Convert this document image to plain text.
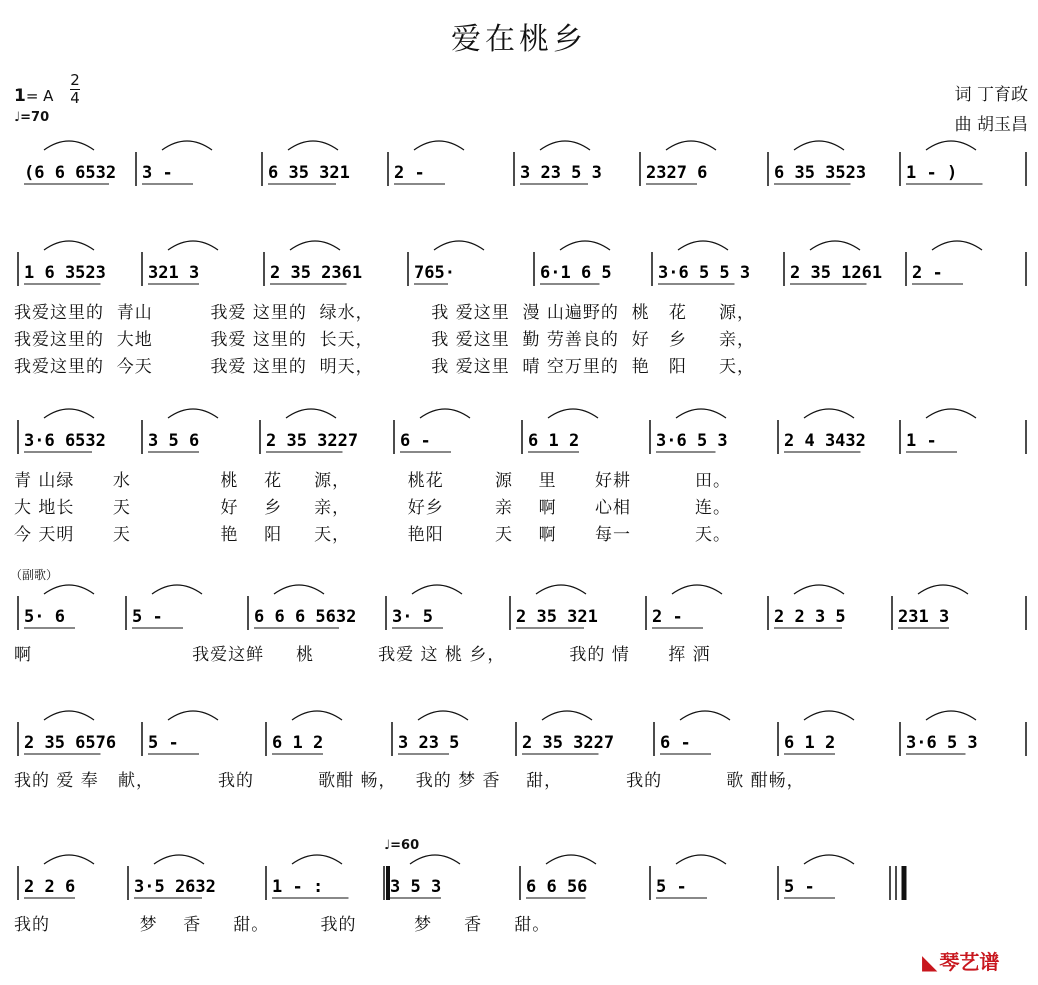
爱在桃乡
1= A
2
4
♩=70
词 丁育政
曲 胡玉昌
（副歌）
♩=60
(6 6 6532 3 -	6 35 321	2 -	3 23 5 3	2327 6	6 35 3523 1 - )
1 6 3523 321 3	2 35 2361	765·	6·1 6 5	3·6 5 5 3 2 35 1261 2 -
3·6 6532 3 5 6	2 35 3227 6 -	6 1 2	3·6 5 3	2 4 3432 1 -
5· 6	5 -	6 6 6 5632 3· 5	2 35 321	2 -	2 2 3 5	231 3
2 35 6576 5 -	6 1 2	3 23 5	2 35 3227	6 -	6 1 2	3·6 5 3
2 2 6	3·5 2632	1 - :	3 5 3	6 6 56	5 -	5 -
我爱这里的  青山         我爱 这里的  绿水，         我 爱这里  漫 山遍野的  桃   花     源，
我爱这里的  大地         我爱 这里的  长天，         我 爱这里  勤 劳善良的  好   乡     亲，
我爱这里的  今天         我爱 这里的  明天，         我 爱这里  晴 空万里的  艳   阳     天，
青 山绿      水              桃    花     源，         桃花        源    里      好耕          田。
大 地长      天              好    乡     亲，         好乡        亲    啊      心相          连。
今 天明      天              艳    阳     天，         艳阳        天    啊      每一          天。
啊                         我爱这鲜     桃          我爱 这 桃 乡，          我的 情      挥 洒
我的 爱 奉   献，          我的          歌酣 畅，   我的 梦 香    甜，          我的          歌 酣畅，
我的              梦    香     甜。        我的         梦     香     甜。
◣ 琴艺谱
